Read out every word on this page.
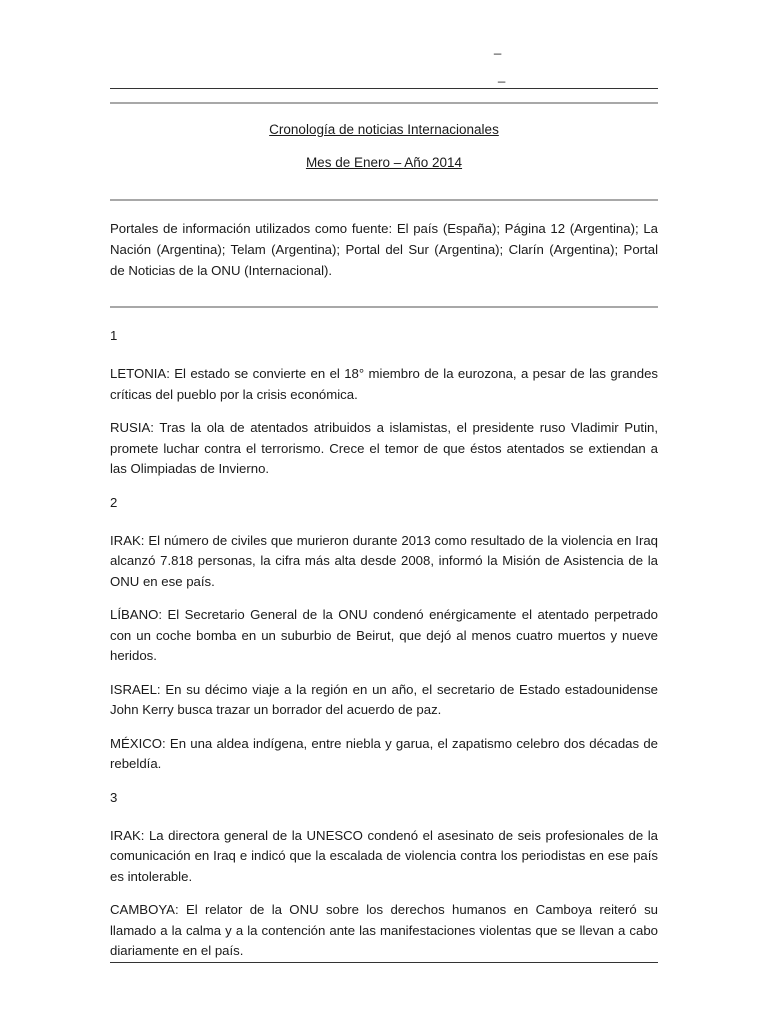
_
_
Cronología de noticias Internacionales
Mes de Enero – Año 2014
Portales de información utilizados como fuente: El país (España); Página 12 (Argentina); La Nación (Argentina); Telam (Argentina); Portal del Sur (Argentina); Clarín (Argentina); Portal de Noticias de la ONU (Internacional).
1
LETONIA: El estado se convierte en el 18° miembro de la eurozona, a pesar de las grandes críticas del pueblo por la crisis económica.
RUSIA: Tras la ola de atentados atribuidos a islamistas, el presidente ruso Vladimir Putin, promete luchar contra el terrorismo. Crece el temor de que éstos atentados se extiendan a las Olimpiadas de Invierno.
2
IRAK: El número de civiles que murieron durante 2013 como resultado de la violencia en Iraq alcanzó 7.818 personas, la cifra más alta desde 2008, informó la Misión de Asistencia de la ONU en ese país.
LÍBANO: El Secretario General de la ONU condenó enérgicamente el atentado perpetrado con un coche bomba en un suburbio de Beirut, que dejó al menos cuatro muertos y nueve heridos.
ISRAEL: En su décimo viaje a la región en un año, el secretario de Estado estadounidense John Kerry busca trazar un borrador del acuerdo de paz.
MÉXICO: En una aldea indígena, entre niebla y garua, el zapatismo celebro dos décadas de rebeldía.
3
IRAK: La directora general de la UNESCO condenó el asesinato de seis profesionales de la comunicación en Iraq e indicó que la escalada de violencia contra los periodistas en ese país es intolerable.
CAMBOYA: El relator de la ONU sobre los derechos humanos en Camboya reiteró su llamado a la calma y a la contención ante las manifestaciones violentas que se llevan a cabo diariamente en el país.
